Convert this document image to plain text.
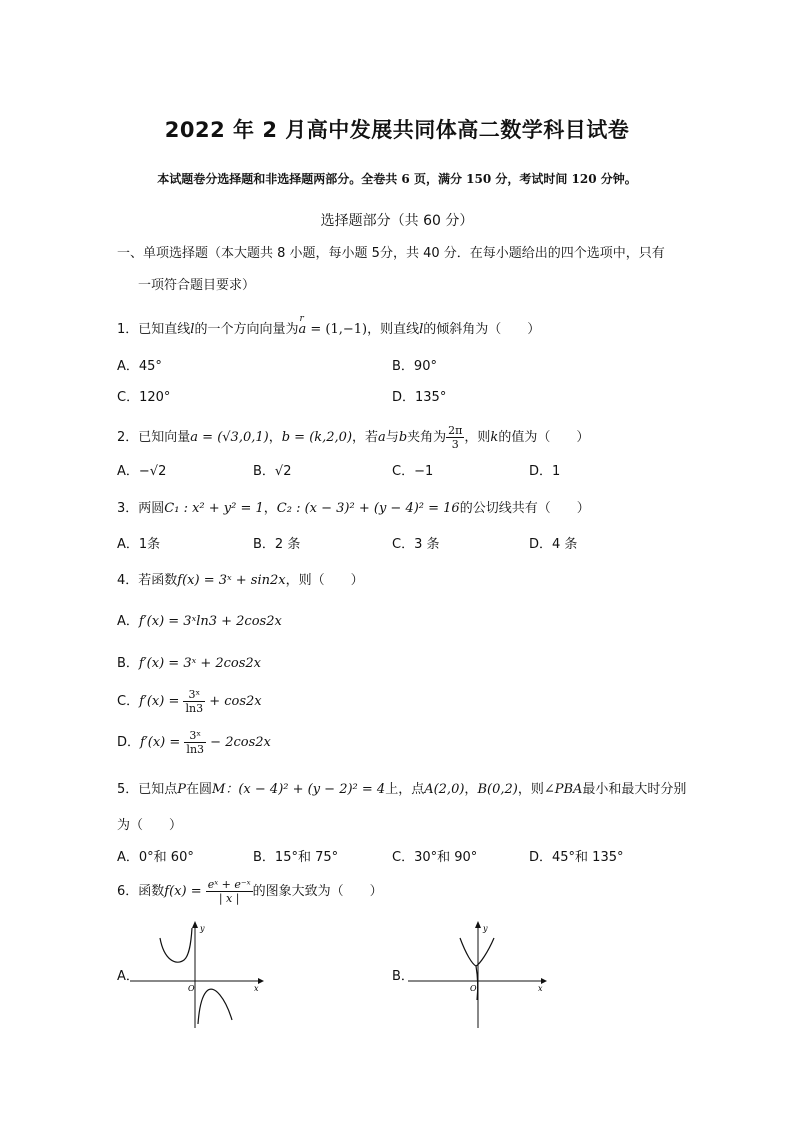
2022 年 2 月高中发展共同体高二数学科目试卷
本试题卷分选择题和非选择题两部分。全卷共 6 页，满分 150 分，考试时间 120 分钟。
选择题部分（共 60 分）
一、单项选择题（本大题共 8 小题，每小题 5分，共 40 分．在每小题给出的四个选项中，只有
一项符合题目要求）
1．已知直线l的一个方向向量为a
r
= (1,−1)，则直线l的倾斜角为（　　）
A．45°	B．90°
C．120°	D．135°
2．已知向量a = (√3,0,1)，b = (k,2,0)，若a与b夹角为 $\frac{2\pi}{3}$ ，则k的值为（　　）
A．−√2	B．√2	C．−1	D．1
3．两圆C₁ : x² + y² = 1，C₂ : (x − 3)² + (y − 4)² = 16的公切线共有（　　）
A．1条	B．2 条	C．3 条	D．4 条
4．若函数f(x) = 3ˣ + sin2x，则（　　）
A．f′(x) = 3ˣln3 + 2cos2x
B．f′(x) = 3ˣ + 2cos2x
C．$f'(x) = \frac{\text{3ˣ}}{\ln 3} + \cos 2x$
D．$f'(x) = \frac{\text{3ˣ}}{\ln 3} - 2\cos 2x$
5．已知点P在圆M：(x − 4)² + (y − 2)² = 4上，点A(2,0)，B(0,2)，则∠PBA最小和最大时分别
为（　　）
A．0°和 60°	B．15°和 75°	C．30°和 90°	D．45°和 135°
6．函数$f(x) = \frac{\text{eˣ + e⁻ˣ}}{| x |}$ 的图象大致为（　　）
A．
y
x
O
B．
y
x
O
